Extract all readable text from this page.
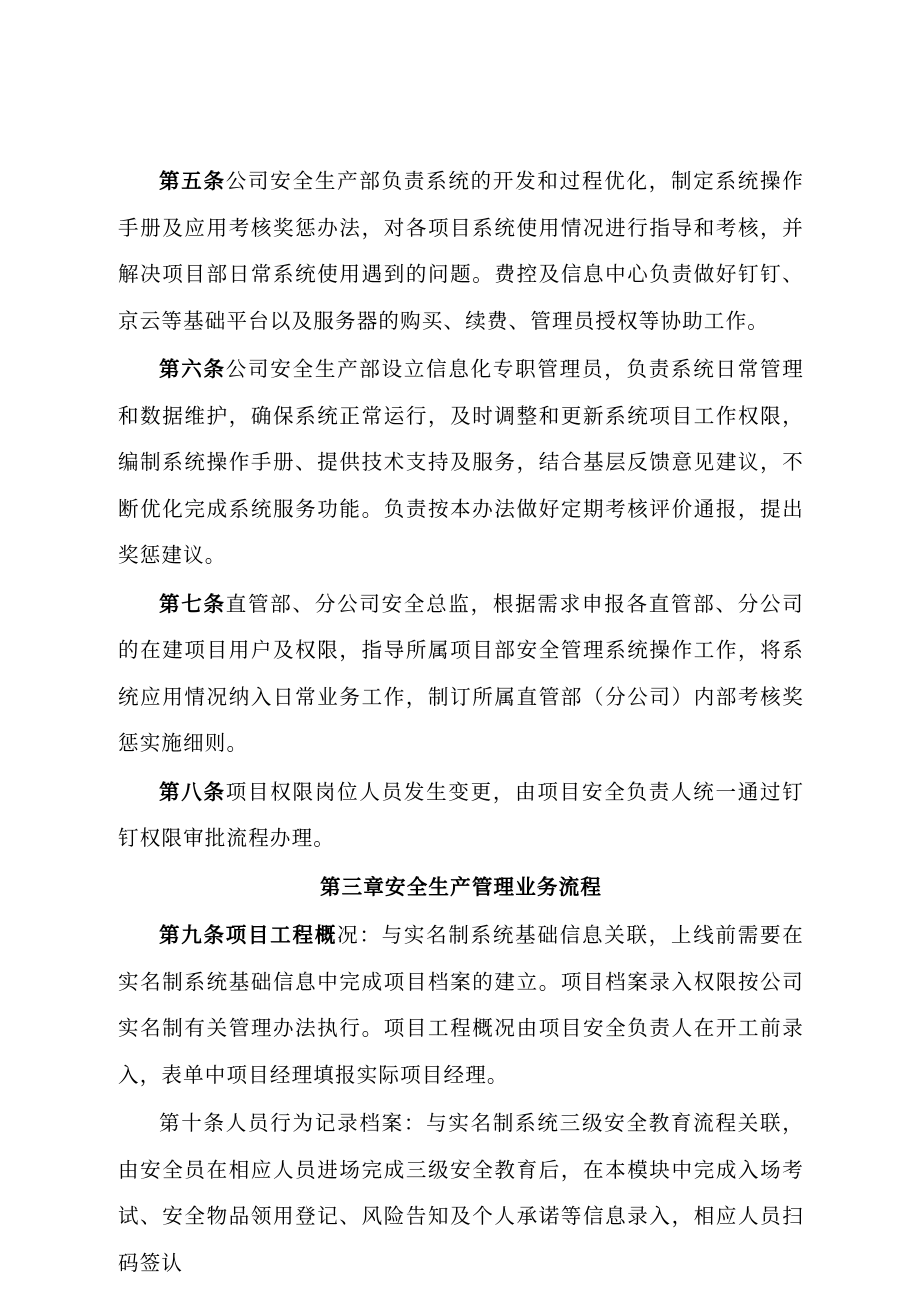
第五条公司安全生产部负责系统的开发和过程优化，制定系统操作手册及应用考核奖惩办法，对各项目系统使用情况进行指导和考核，并解决项目部日常系统使用遇到的问题。费控及信息中心负责做好钉钉、京云等基础平台以及服务器的购买、续费、管理员授权等协助工作。

第六条公司安全生产部设立信息化专职管理员，负责系统日常管理和数据维护，确保系统正常运行，及时调整和更新系统项目工作权限，编制系统操作手册、提供技术支持及服务，结合基层反馈意见建议，不断优化完成系统服务功能。负责按本办法做好定期考核评价通报，提出奖惩建议。

第七条直管部、分公司安全总监，根据需求申报各直管部、分公司的在建项目用户及权限，指导所属项目部安全管理系统操作工作，将系统应用情况纳入日常业务工作，制订所属直管部（分公司）内部考核奖惩实施细则。

第八条项目权限岗位人员发生变更，由项目安全负责人统一通过钉钉权限审批流程办理。

第三章安全生产管理业务流程

第九条项目工程概况：与实名制系统基础信息关联，上线前需要在实名制系统基础信息中完成项目档案的建立。项目档案录入权限按公司实名制有关管理办法执行。项目工程概况由项目安全负责人在开工前录入，表单中项目经理填报实际项目经理。

第十条人员行为记录档案：与实名制系统三级安全教育流程关联，由安全员在相应人员进场完成三级安全教育后，在本模块中完成入场考试、安全物品领用登记、风险告知及个人承诺等信息录入，相应人员扫码签认
